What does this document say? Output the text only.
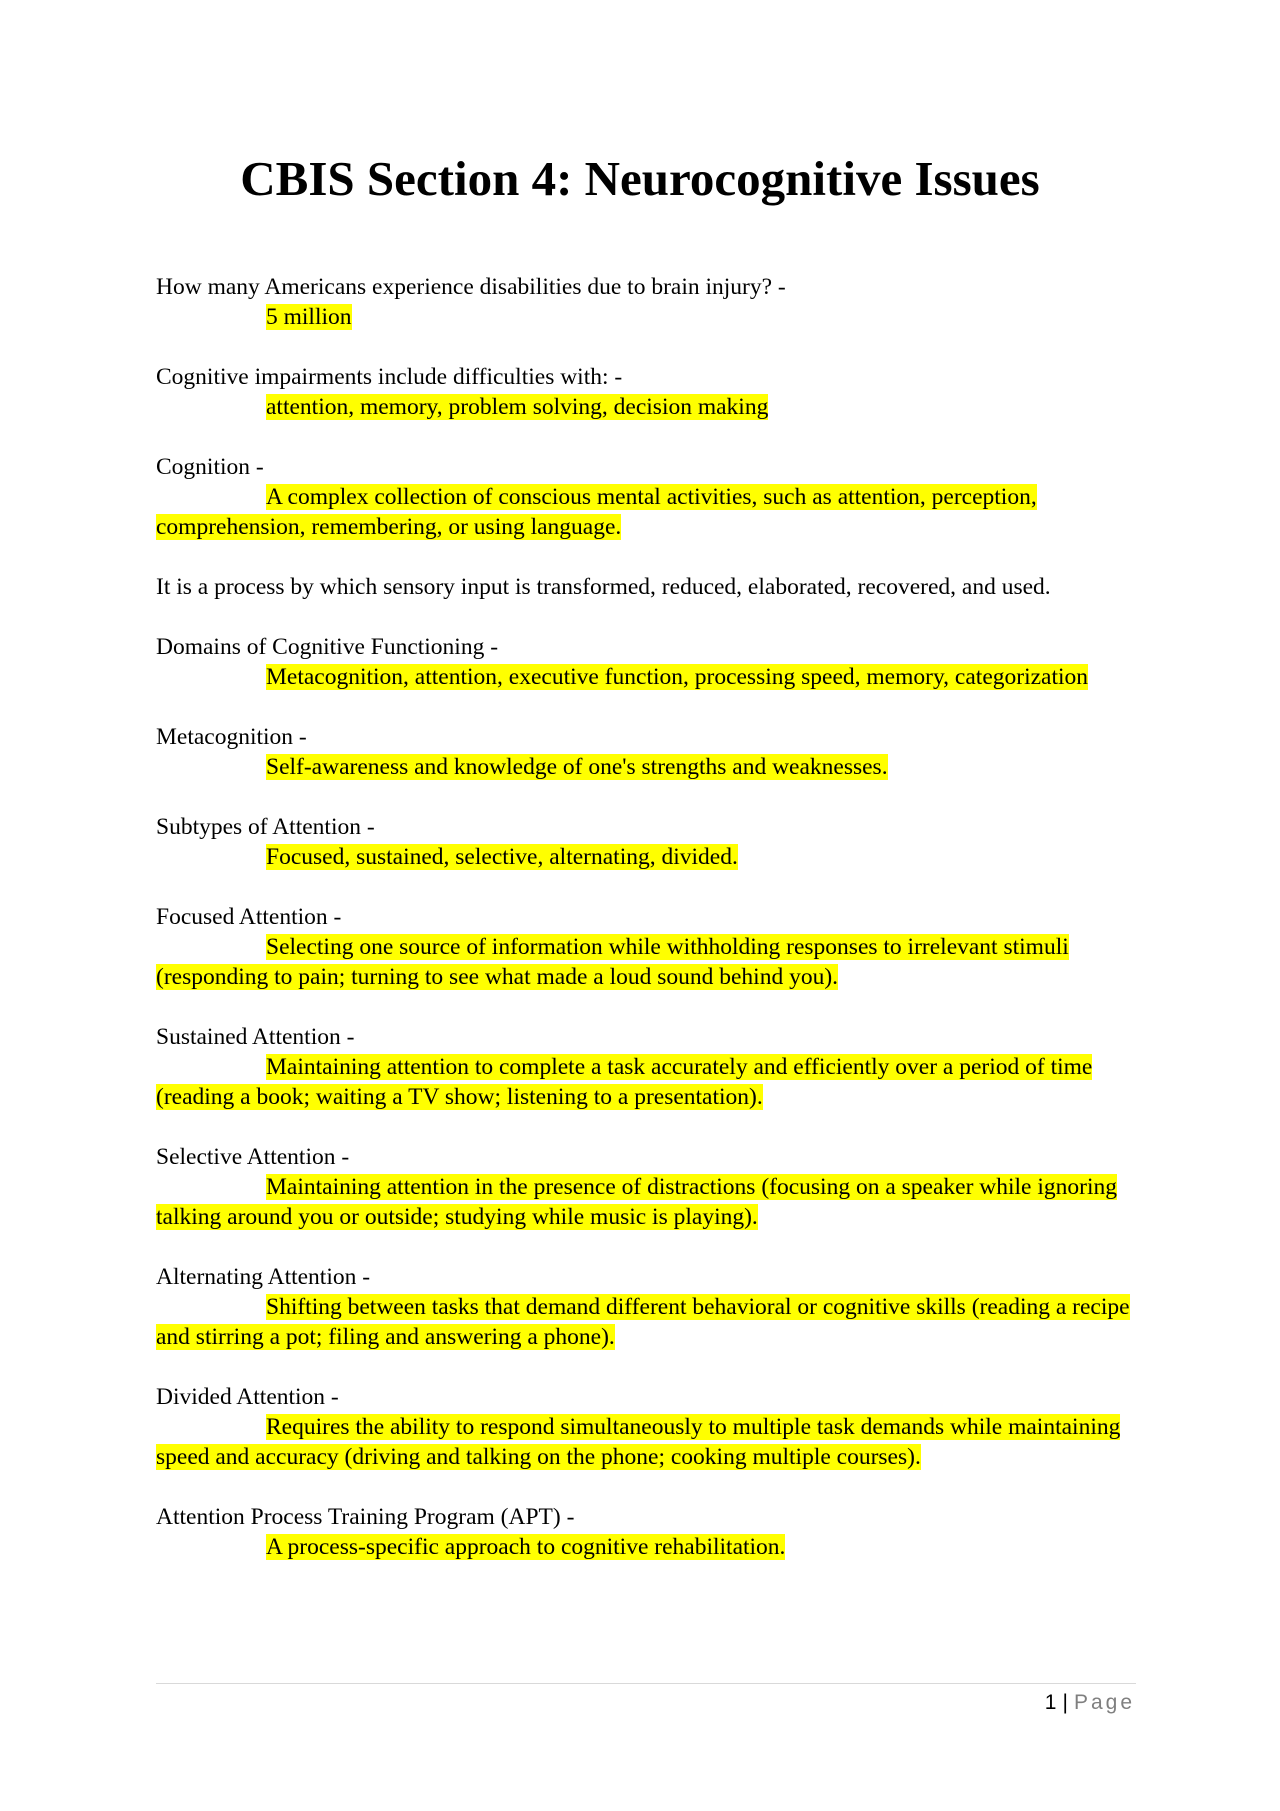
CBIS Section 4: Neurocognitive Issues
How many Americans experience disabilities due to brain injury? -
5 million
Cognitive impairments include difficulties with: -
attention, memory, problem solving, decision making
Cognition -
A complex collection of conscious mental activities, such as attention, perception, comprehension, remembering, or using language.
It is a process by which sensory input is transformed, reduced, elaborated, recovered, and used.
Domains of Cognitive Functioning -
Metacognition, attention, executive function, processing speed, memory, categorization
Metacognition -
Self-awareness and knowledge of one's strengths and weaknesses.
Subtypes of Attention -
Focused, sustained, selective, alternating, divided.
Focused Attention -
Selecting one source of information while withholding responses to irrelevant stimuli (responding to pain; turning to see what made a loud sound behind you).
Sustained Attention -
Maintaining attention to complete a task accurately and efficiently over a period of time (reading a book; waiting a TV show; listening to a presentation).
Selective Attention -
Maintaining attention in the presence of distractions (focusing on a speaker while ignoring talking around you or outside; studying while music is playing).
Alternating Attention -
Shifting between tasks that demand different behavioral or cognitive skills (reading a recipe and stirring a pot; filing and answering a phone).
Divided Attention -
Requires the ability to respond simultaneously to multiple task demands while maintaining speed and accuracy (driving and talking on the phone; cooking multiple courses).
Attention Process Training Program (APT) -
A process-specific approach to cognitive rehabilitation.
1 | Page
